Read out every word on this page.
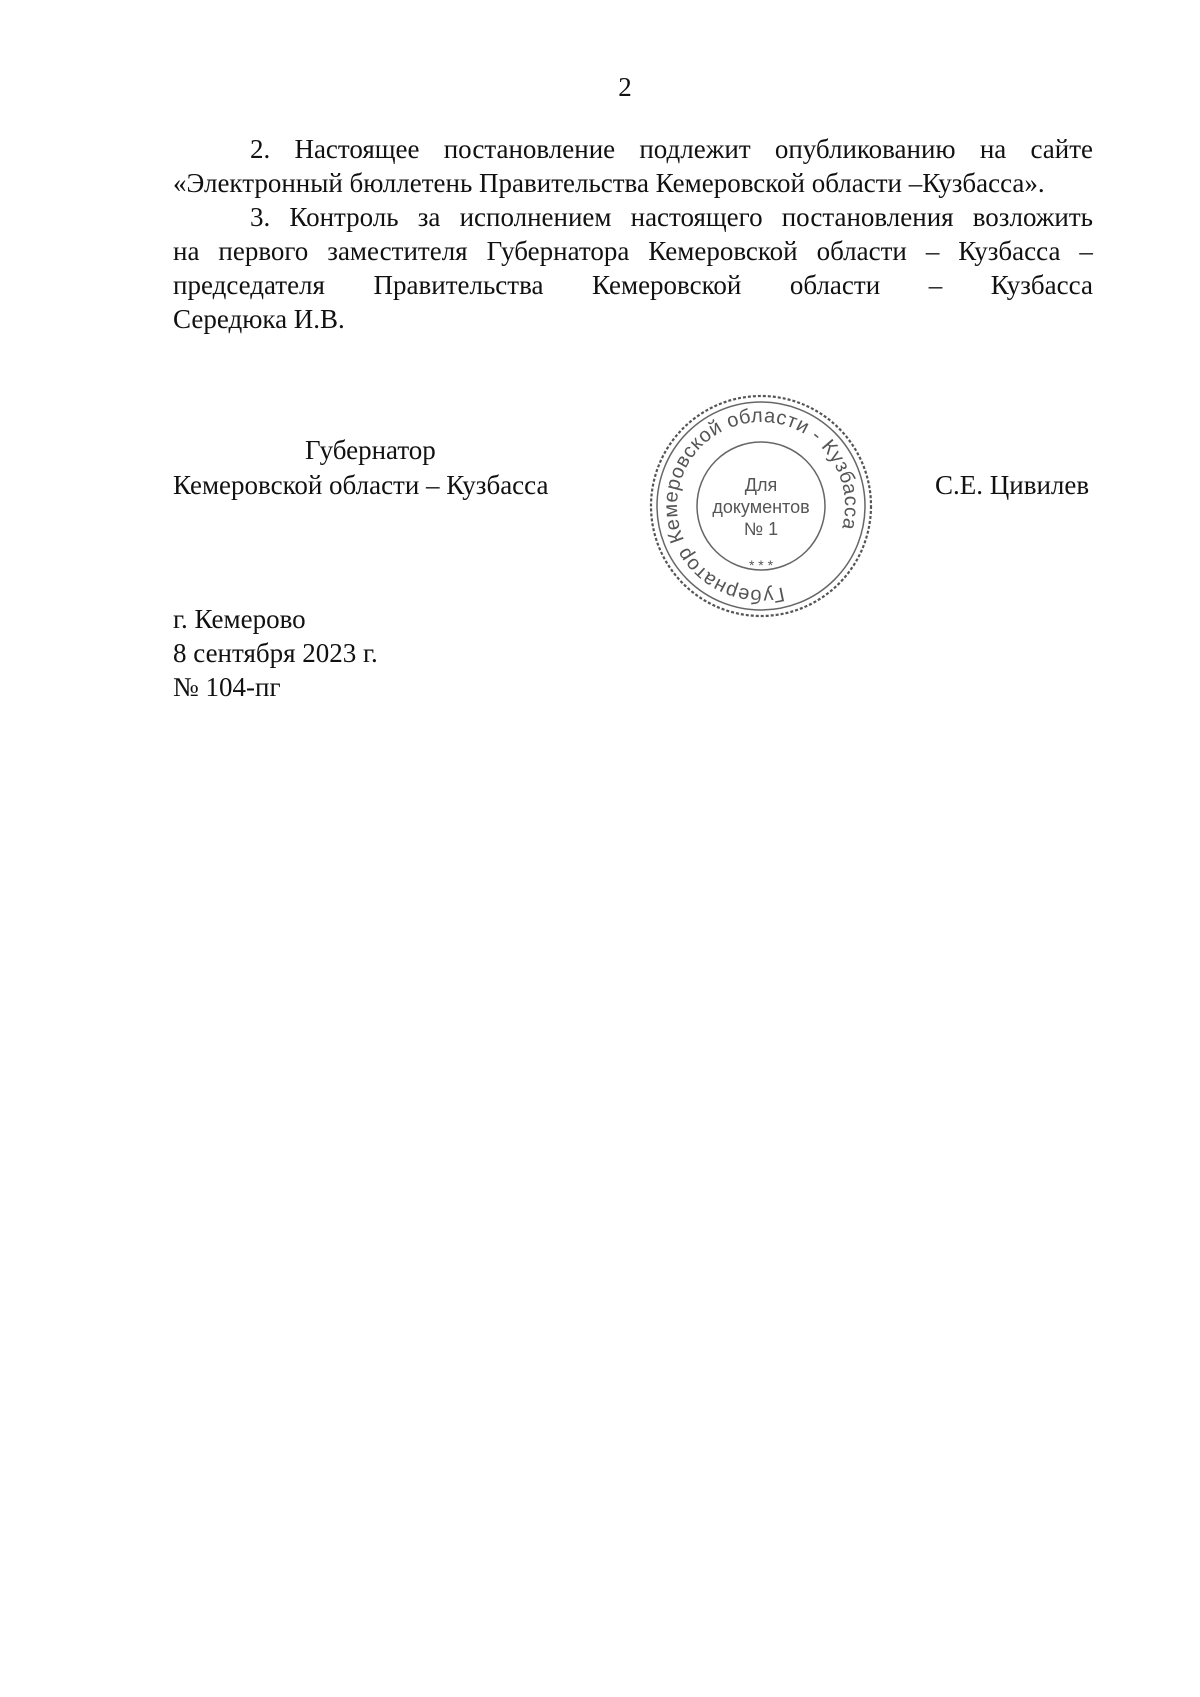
2
2. Настоящее постановление подлежит опубликованию на сайте
«Электронный бюллетень Правительства Кемеровской области –Кузбасса».
3. Контроль за исполнением настоящего постановления возложить
на первого заместителя Губернатора Кемеровской области – Кузбасса –
председателя Правительства Кемеровской области – Кузбасса
Середюка И.В.
Губернатор
Кемеровской области – Кузбасса	С.Е. Цивилев
Губернатор Кемеровской области - Кузбасса
* * *
Для
документов
№ 1
г. Кемерово
8 сентября 2023 г.
№ 104-пг
